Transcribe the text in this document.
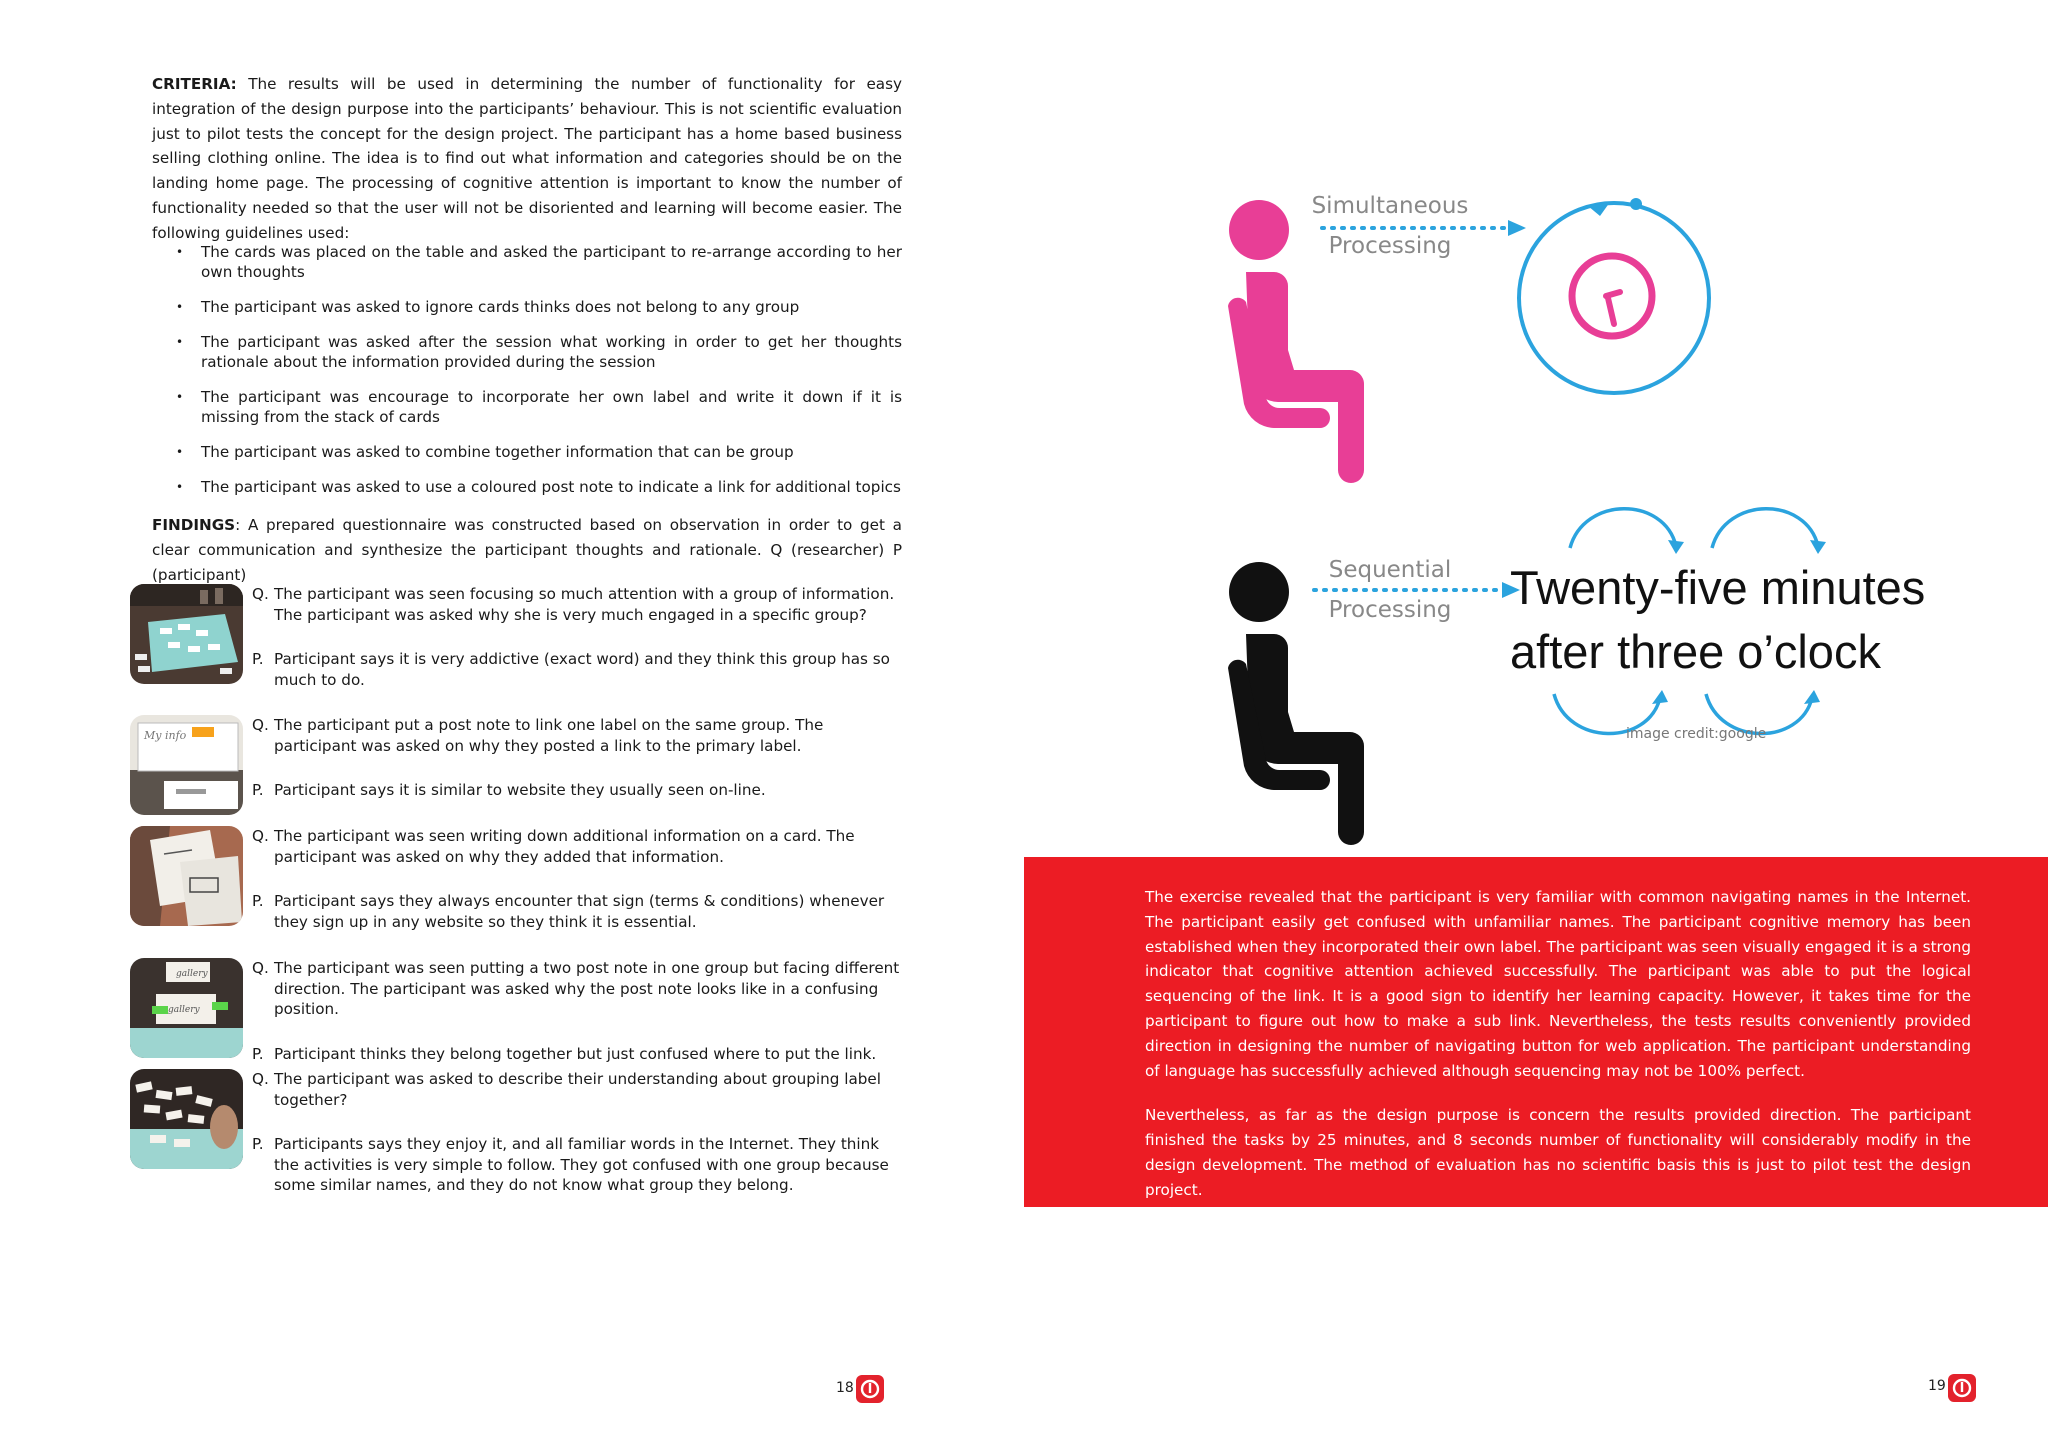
CRITERIA: The results will be used in determining the number of functionality for easy integration of the design purpose into the participants’ behaviour. This is not scientific evaluation just to pilot tests the concept for the design project. The participant has a home based business selling clothing online. The idea is to find out what information and categories should be on the landing home page. The processing of cognitive attention is important to know the number of functionality needed so that the user will not be disoriented and learning will become easier. The following guidelines used:
• The cards was placed on the table and asked the participant to re-arrange according to her own thoughts
• The participant was asked to ignore cards thinks does not belong to any group
• The participant was asked after the session what working in order to get her thoughts rationale about the information provided during the session
• The participant was encourage to incorporate her own label and write it down if it is missing from the stack of cards
• The participant was asked to combine together information that can be group
• The participant was asked to use a coloured post note to indicate a link for additional topics
FINDINGS: A prepared questionnaire was constructed based on observation in order to get a clear communication and synthesize the participant thoughts and rationale. Q (researcher) P (participant)
Q. The participant was seen focusing so much attention with a group of information. The participant was asked why she is very much engaged in a specific group?
P. Participant says it is very addictive (exact word) and they think this group has so much to do.
My info
Q. The participant put a post note to link one label on the same group. The participant was asked on why they posted a link to the primary label.
P. Participant says it is similar to website they usually seen on-line.
Q. The participant was seen writing down additional information on a card. The participant was asked on why they added that information.
P. Participant says they always encounter that sign (terms & conditions) whenever they sign up in any website so they think it is essential.
gallery
gallery
Q. The participant was seen putting a two post note in one group but facing different direction. The participant was asked why the post note looks like in a confusing position.
P. Participant thinks they belong together but just confused where to put the link.
Q. The participant was asked to describe their understanding about grouping label together?
P. Participants says they enjoy it, and all familiar words in the Internet. They think the activities is very simple to follow. They got confused with one group because some similar names, and they do not know what group they belong.
18
Simultaneous
Processing
Sequential
Processing	Twenty-five minutes
after three o’clock
image credit:google

The exercise revealed that the participant is very familiar with common navigating names in the Internet. The participant easily get confused with unfamiliar names. The participant cognitive memory has been established when they incorporated their own label. The participant was seen visually engaged it is a strong indicator that cognitive attention achieved successfully. The participant was able to put the logical sequencing of the link. It is a good sign to identify her learning capacity. However, it takes time for the participant to figure out how to make a sub link. Nevertheless, the tests results conveniently provided direction in designing the number of navigating button for web application. The participant understanding of language has successfully achieved although sequencing may not be 100% perfect.

Nevertheless, as far as the design purpose is concern the results provided direction. The participant finished the tasks by 25 minutes, and 8 seconds number of functionality will considerably modify in the design development. The method of evaluation has no scientific basis this is just to pilot test the design project.

19
